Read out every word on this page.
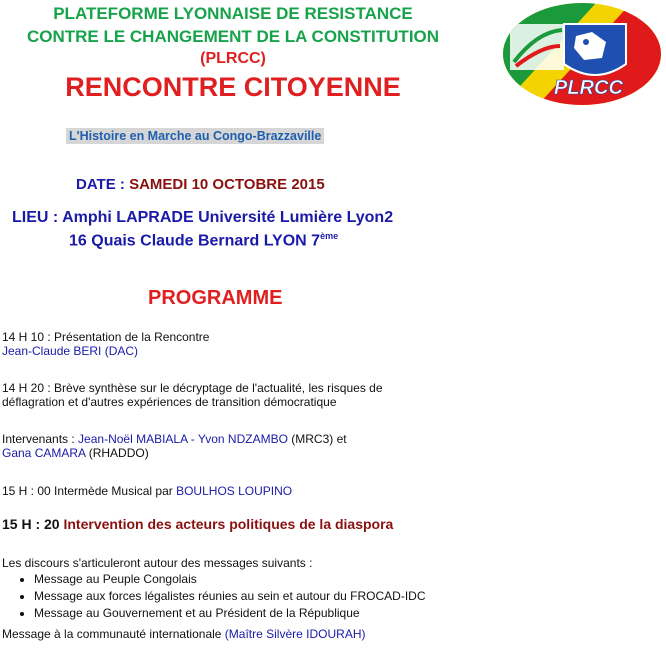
PLATEFORME LYONNAISE DE RESISTANCE
CONTRE LE CHANGEMENT DE LA CONSTITUTION
(PLRCC)
RENCONTRE CITOYENNE	PLRCC
L'Histoire en Marche au Congo-Brazzaville
DATE : SAMEDI 10 OCTOBRE 2015
LIEU : Amphi LAPRADE Université Lumière Lyon2
16 Quais Claude Bernard LYON 7ème
PROGRAMME
14 H 10 : Présentation de la Rencontre
Jean-Claude BERI (DAC)
14 H 20 : Brève synthèse sur le décryptage de l'actualité, les risques de
déflagration et d'autres expériences de transition démocratique
Intervenants : Jean-Noël MABIALA - Yvon NDZAMBO (MRC3) et
Gana CAMARA (RHADDO)
15 H : 00 Intermède Musical par BOULHOS LOUPINO
15 H : 20 Intervention des acteurs politiques de la diaspora
Les discours s'articuleront autour des messages suivants :
• Message au Peuple Congolais
• Message aux forces légalistes réunies au sein et autour du FROCAD-IDC
• Message au Gouvernement et au Président de la République
Message à la communauté internationale (Maître Silvère IDOURAH)
